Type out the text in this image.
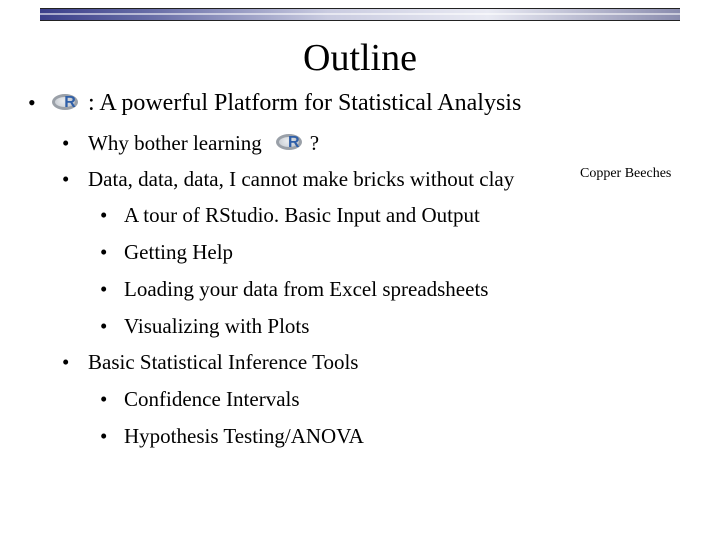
Outline
•	R : A powerful Platform for Statistical Analysis
• Why bother learning R ?
• Data, data, data, I cannot make bricks without clay	Copper Beeches
• A tour of RStudio. Basic Input and Output
• Getting Help
• Loading your data from Excel spreadsheets
• Visualizing with Plots
• Basic Statistical Inference Tools
• Confidence Intervals
• Hypothesis Testing/ANOVA
